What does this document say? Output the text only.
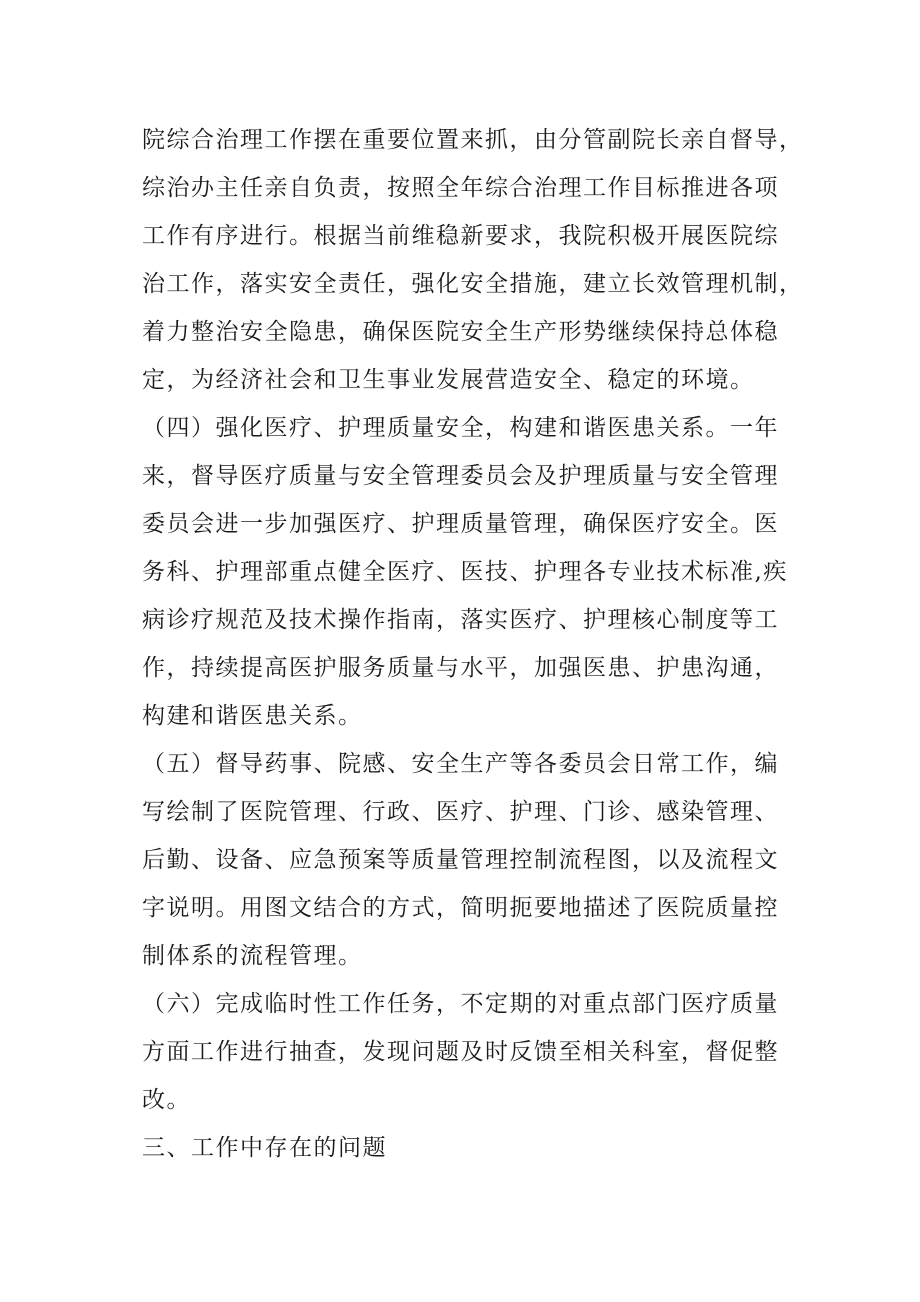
院综合治理工作摆在重要位置来抓，由分管副院长亲自督导，
综治办主任亲自负责，按照全年综合治理工作目标推进各项
工作有序进行。根据当前维稳新要求，我院积极开展医院综
治工作，落实安全责任，强化安全措施，建立长效管理机制，
着力整治安全隐患，确保医院安全生产形势继续保持总体稳
定，为经济社会和卫生事业发展营造安全、稳定的环境。
（四）强化医疗、护理质量安全，构建和谐医患关系。一年
来，督导医疗质量与安全管理委员会及护理质量与安全管理
委员会进一步加强医疗、护理质量管理，确保医疗安全。医
务科、护理部重点健全医疗、医技、护理各专业技术标准,疾
病诊疗规范及技术操作指南，落实医疗、护理核心制度等工
作，持续提高医护服务质量与水平，加强医患、护患沟通，
构建和谐医患关系。
（五）督导药事、院感、安全生产等各委员会日常工作，编
写绘制了医院管理、行政、医疗、护理、门诊、感染管理、
后勤、设备、应急预案等质量管理控制流程图，以及流程文
字说明。用图文结合的方式，简明扼要地描述了医院质量控
制体系的流程管理。
（六）完成临时性工作任务，不定期的对重点部门医疗质量
方面工作进行抽查，发现问题及时反馈至相关科室，督促整
改。
三、工作中存在的问题
